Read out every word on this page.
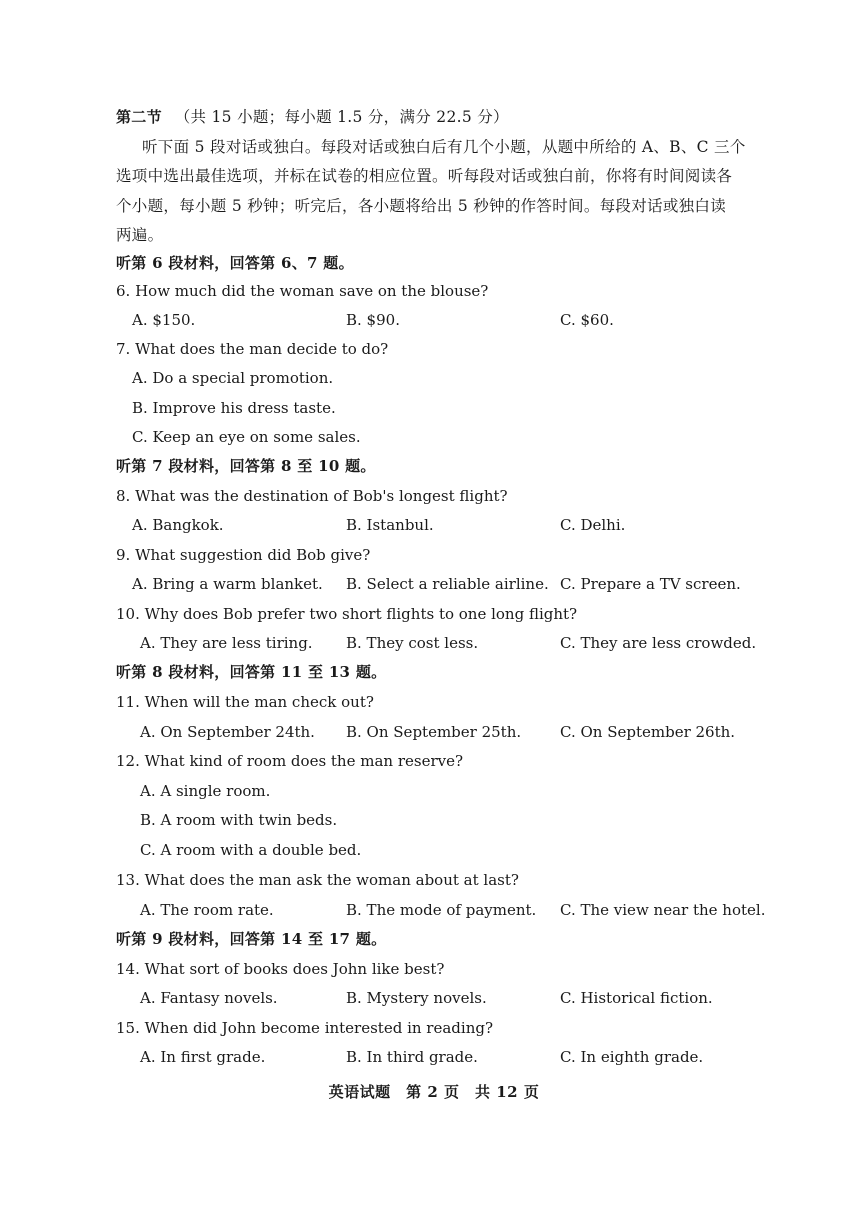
第二节 （共 15 小题；每小题 1.5 分，满分 22.5 分）
听下面 5 段对话或独白。每段对话或独白后有几个小题，从题中所给的 A、B、C 三个
选项中选出最佳选项，并标在试卷的相应位置。听每段对话或独白前，你将有时间阅读各
个小题，每小题 5 秒钟；听完后，各小题将给出 5 秒钟的作答时间。每段对话或独白读
两遍。
听第 6 段材料，回答第 6、7 题。
6. How much did the woman save on the blouse?
A. $150.	B. $90.	C. $60.
7. What does the man decide to do?
A. Do a special promotion.
B. Improve his dress taste.
C. Keep an eye on some sales.
听第 7 段材料，回答第 8 至 10 题。
8. What was the destination of Bob's longest flight?
A. Bangkok.	B. Istanbul.	C. Delhi.
9. What suggestion did Bob give?
A. Bring a warm blanket. B. Select a reliable airline. C. Prepare a TV screen.
10. Why does Bob prefer two short flights to one long flight?
A. They are less tiring. B. They cost less.	C. They are less crowded.
听第 8 段材料，回答第 11 至 13 题。
11. When will the man check out?
A. On September 24th. B. On September 25th.	C. On September 26th.
12. What kind of room does the man reserve?
A. A single room.
B. A room with twin beds.
C. A room with a double bed.
13. What does the man ask the woman about at last?
A. The room rate.	B. The mode of payment. C. The view near the hotel.
听第 9 段材料，回答第 14 至 17 题。
14. What sort of books does John like best?
A. Fantasy novels.	B. Mystery novels.	C. Historical fiction.
15. When did John become interested in reading?
A. In first grade.	B. In third grade.	C. In eighth grade.
英语试题　第 2 页　共 12 页
